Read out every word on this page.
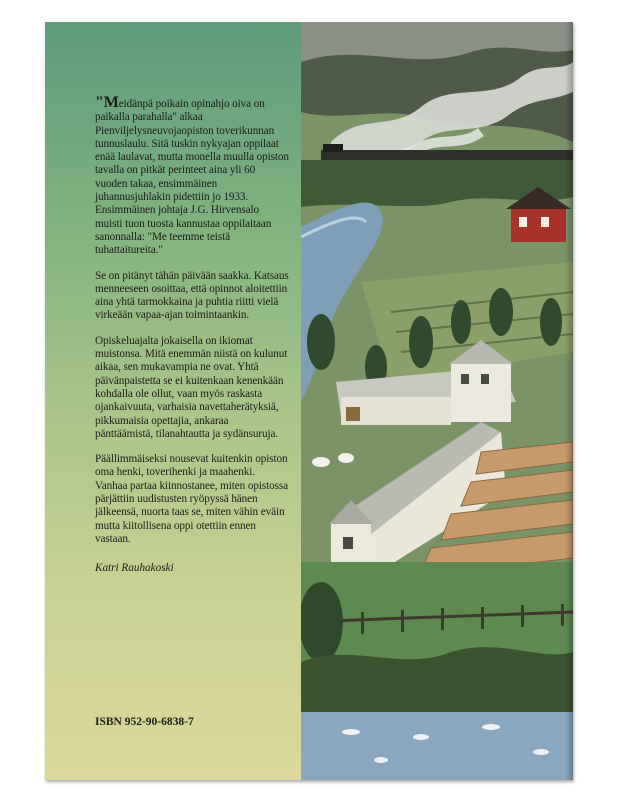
"Meidänpä poikain opinahjo oiva on paikalla parahalla" alkaa Pienviljelysneuvojaopiston toverikunnan tunnuslaulu. Sitä tuskin nykyajan oppilaat enää laulavat, mutta monella muulla opiston tavalla on pitkät perinteet aina yli 60 vuoden takaa, ensimmäinen juhannusjuhlakin pidettiin jo 1933. Ensimmäinen johtaja J.G. Hirvensalo muisti tuon tuosta kannustaa oppilaitaan sanonnalla: "Me teemme teistä tuhattaitureita."

Se on pitänyt tähän päivään saakka. Katsaus menneeseen osoittaa, että opinnot aloitettiin aina yhtä tarmokkaina ja puhtia riitti vielä virkeään vapaa-ajan toimintaankin.

Opiskeluajalta jokaisella on ikiomat muistonsa. Mitä enemmän niistä on kulunut aikaa, sen mukavampia ne ovat. Yhtä päivänpaistetta se ei kuitenkaan kenenkään kohdalla ole ollut, vaan myös raskasta ojankaivuuta, varhaisia navettaherätyksiä, pikkumaisia opettajia, ankaraa pänttäämistä, tilanahtautta ja sydänsuruja.

Päällimmäiseksi nousevat kuitenkin opiston oma henki, toverihenki ja maahenki. Vanhaa partaa kiinnostanee, miten opistossa pärjättiin uudistusten ryöpyssä hänen jälkeensä, nuorta taas se, miten vähin eväin mutta kiitollisena oppi otettiin ennen vastaan.

Katri Rauhakoski

ISBN 952-90-6838-7
